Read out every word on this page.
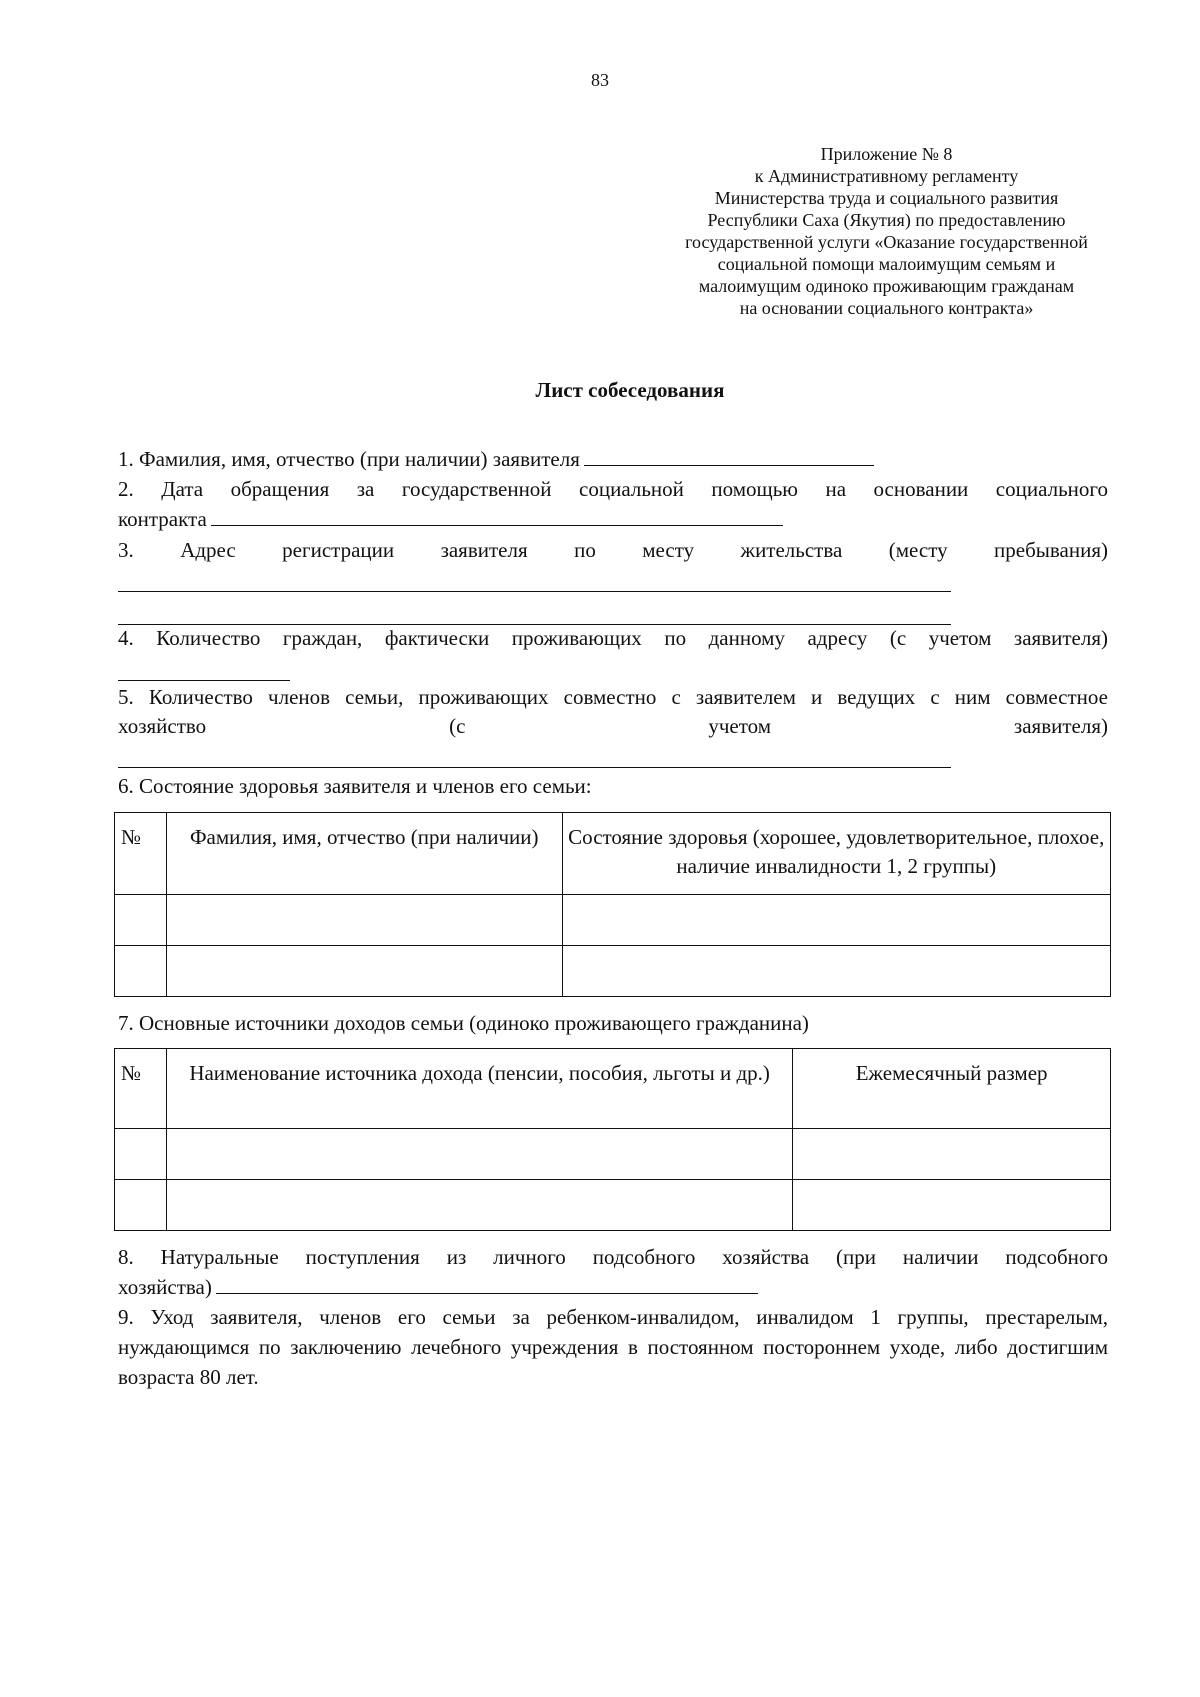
83
Приложение № 8
к Административному регламенту
Министерства труда и социального развития
Республики Саха (Якутия) по предоставлению
государственной услуги «Оказание государственной
социальной помощи малоимущим семьям и
малоимущим одиноко проживающим гражданам
на основании социального контракта»
Лист собеседования

1. Фамилия, имя, отчество (при наличии) заявителя

2. Дата обращения за государственной социальной помощью на основании социального

контракта

3. Адрес регистрации заявителя по месту жительства (месту пребывания)

4. Количество граждан, фактически проживающих по данному адресу (с учетом заявителя)

5. Количество членов семьи, проживающих совместно с заявителем и ведущих с ним совместное

хозяйство (с учетом заявителя)

6. Состояние здоровья заявителя и членов его семьи:

№	Фамилия, имя, отчество (при наличии)	Состояние здоровья (хорошее, удовлетворительное, плохое, наличие инвалидности 1, 2 группы)

7. Основные источники доходов семьи (одиноко проживающего гражданина)

№	Наименование источника дохода (пенсии, пособия, льготы и др.)	Ежемесячный размер

8. Натуральные поступления из личного подсобного хозяйства (при наличии подсобного

хозяйства)

9. Уход заявителя, членов его семьи за ребенком-инвалидом, инвалидом 1 группы, престарелым, нуждающимся по заключению лечебного учреждения в постоянном постороннем уходе, либо достигшим возраста 80 лет.
